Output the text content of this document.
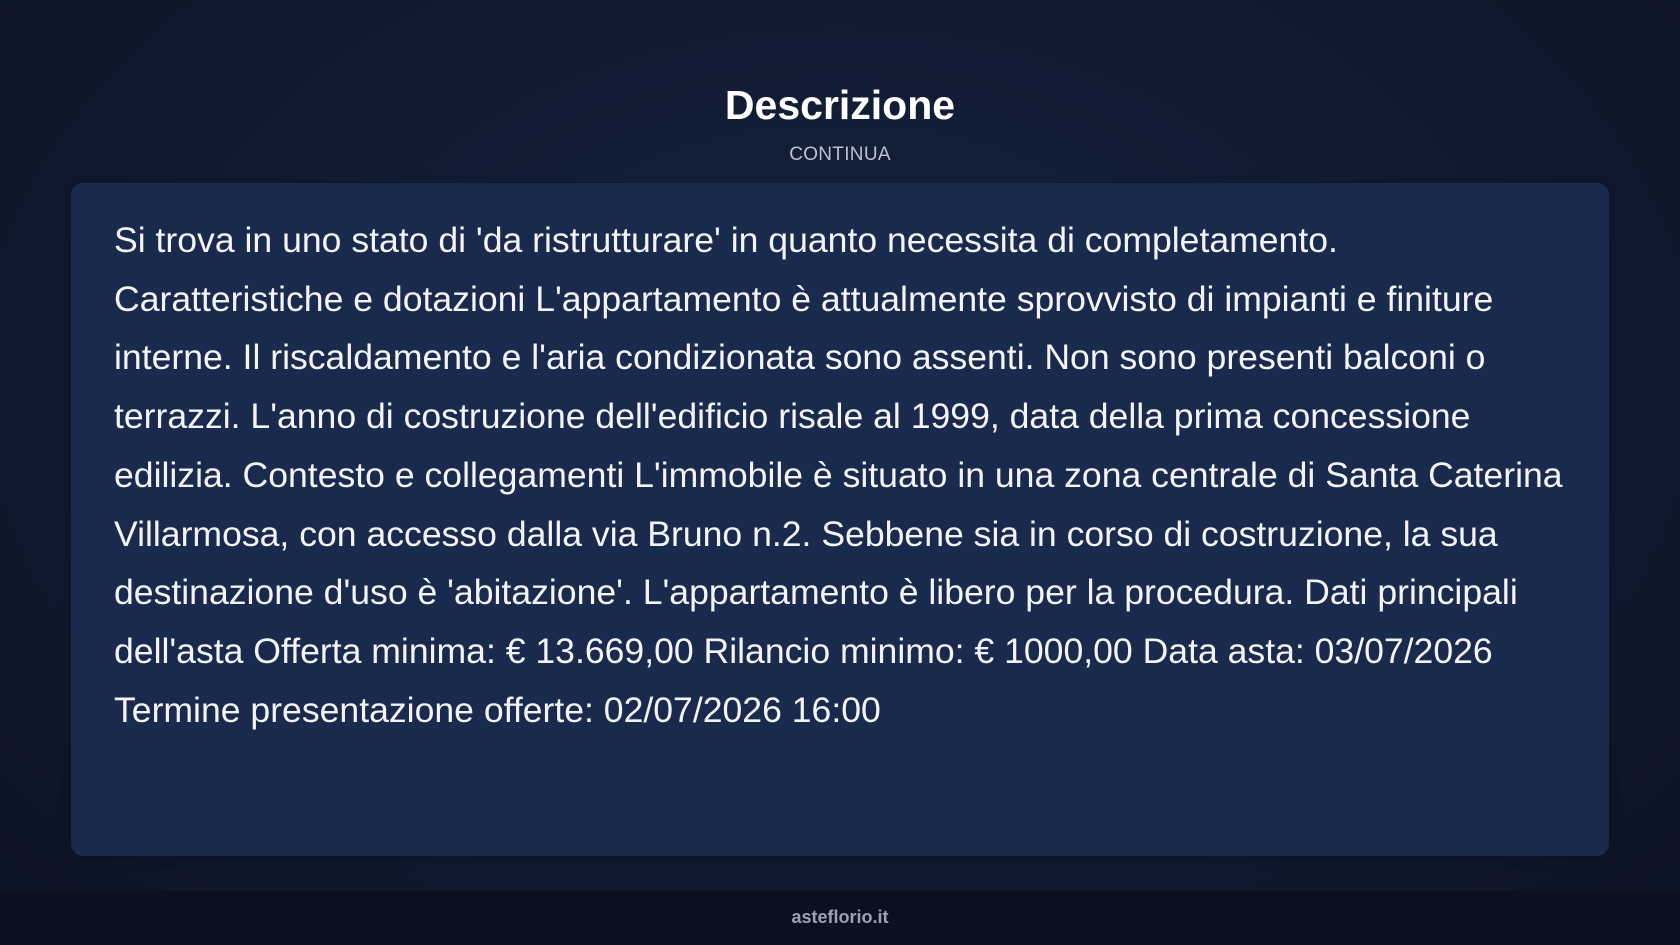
Descrizione
CONTINUA

Si trova in uno stato di 'da ristrutturare' in quanto necessita di completamento. Caratteristiche e dotazioni L'appartamento è attualmente sprovvisto di impianti e finiture interne. Il riscaldamento e l'aria condizionata sono assenti. Non sono presenti balconi o terrazzi. L'anno di costruzione dell'edificio risale al 1999, data della prima concessione edilizia. Contesto e collegamenti L'immobile è situato in una zona centrale di Santa Caterina Villarmosa, con accesso dalla via Bruno n.2. Sebbene sia in corso di costruzione, la sua destinazione d'uso è 'abitazione'. L'appartamento è libero per la procedura. Dati principali dell'asta Offerta minima: € 13.669,00 Rilancio minimo: € 1000,00 Data asta: 03/07/2026 Termine presentazione offerte: 02/07/2026 16:00

asteflorio.it
